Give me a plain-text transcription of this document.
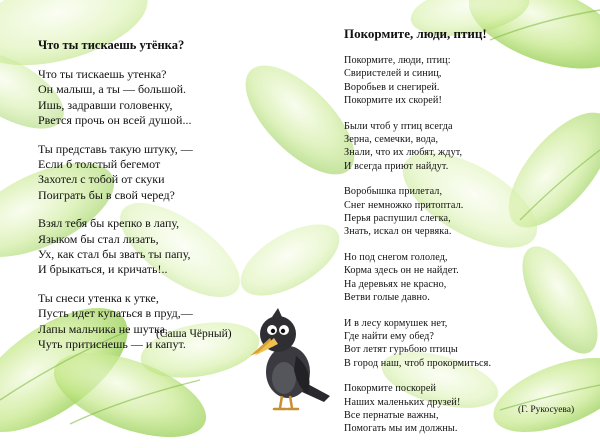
Что ты тискаешь утёнка?
Что ты тискаешь утенка?
Он малыш, а ты — большой.
Ишь, задравши головенку,
Рвется прочь он всей душой...
Ты представь такую штуку, —
Если б толстый бегемот
Захотел с тобой от скуки
Поиграть бы в свой черед?
Взял тебя бы крепко в лапу,
Языком бы стал лизать,
Ух, как стал бы звать ты папу,
И брыкаться, и кричать!..
Ты снеси утенка к утке,
Пусть идет купаться в пруд,—
Лапы мальчика не шутка,
Чуть притиснешь — и капут.
(Саша Чёрный)
Покормите, люди, птиц!
Покормите, люди, птиц:
Свиристелей и синиц,
Воробьев и снегирей.
Покормите их скорей!
Были чтоб у птиц всегда
Зерна, семечки, вода,
Знали, что их любят, ждут,
И всегда приют найдут.
Воробышка прилетал,
Снег немножко притоптал.
Перья распушил слегка,
Знать, искал он червяка.
Но под снегом гололед,
Корма здесь он не найдет.
На деревьях не красно,
Ветви голые давно.
И в лесу кормушек нет,
Где найти ему обед?
Вот летят гурьбою птицы
В город наш, чтоб прокормиться.
Покормите поскорей
Наших маленьких друзей!
Все пернатые важны,
Помогать мы им должны.
(Г. Рукосуева)
